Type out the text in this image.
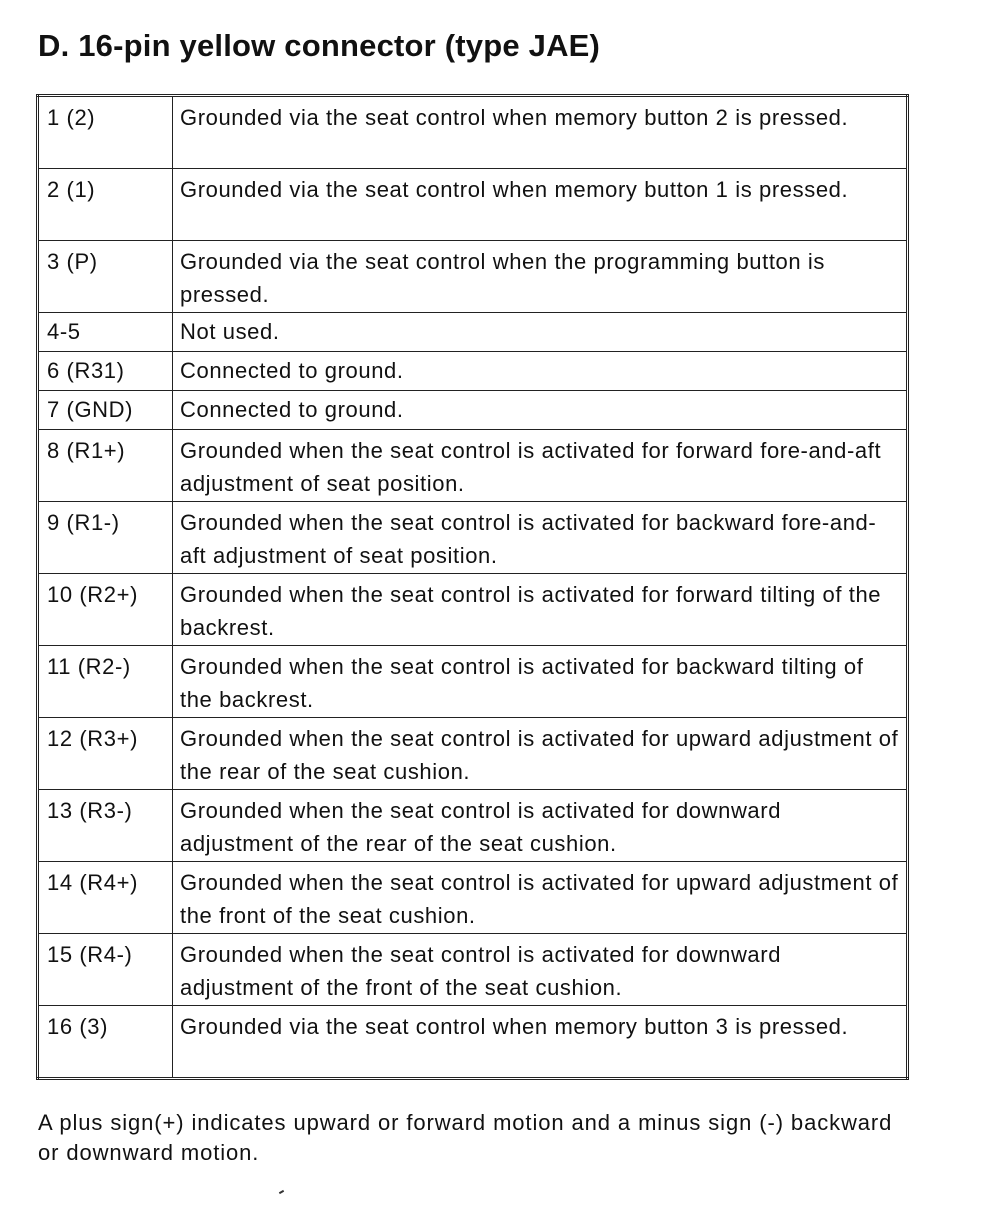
D. 16-pin yellow connector (type JAE)
1 (2)	Grounded via the seat control when memory button 2 is pressed.
2 (1)	Grounded via the seat control when memory button 1 is pressed.
3 (P)	Grounded via the seat control when the programming button is pressed.
4-5	Not used.
6 (R31)	Connected to ground.
7 (GND)	Connected to ground.
8 (R1+)	Grounded when the seat control is activated for forward fore-and-aft adjustment of seat position.
9 (R1-)	Grounded when the seat control is activated for backward fore-and-aft adjustment of seat position.
10 (R2+)	Grounded when the seat control is activated for forward tilting of the backrest.
11 (R2-)	Grounded when the seat control is activated for backward tilting of the backrest.
12 (R3+)	Grounded when the seat control is activated for upward adjustment of the rear of the seat cushion.
13 (R3-)	Grounded when the seat control is activated for downward adjustment of the rear of the seat cushion.
14 (R4+)	Grounded when the seat control is activated for upward adjustment of the front of the seat cushion.
15 (R4-)	Grounded when the seat control is activated for downward adjustment of the front of the seat cushion.
16 (3)	Grounded via the seat control when memory button 3 is pressed.

A plus sign(+) indicates upward or forward motion and a minus sign (-) backward or downward motion.
